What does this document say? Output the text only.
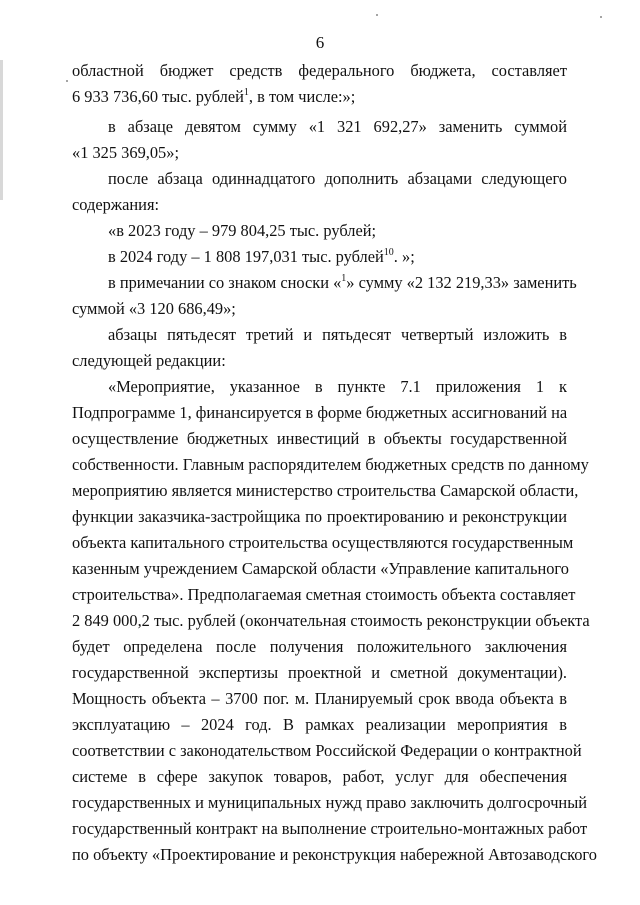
6
областной бюджет средств федерального бюджета, составляет
6 933 736,60 тыс. рублей$^1$, в том числе:»;
в абзаце девятом сумму «1 321 692,27» заменить суммой
«1 325 369,05»;
после абзаца одиннадцатого дополнить абзацами следующего
содержания:
«в 2023 году – 979 804,25 тыс. рублей;
в 2024 году – 1 808 197,031 тыс. рублей$^{10}$. »;
в примечании со знаком сноски «$^1$» сумму «2 132 219,33» заменить
суммой «3 120 686,49»;
абзацы пятьдесят третий и пятьдесят четвертый изложить в
следующей редакции:
«Мероприятие, указанное в пункте 7.1 приложения 1 к
Подпрограмме 1, финансируется в форме бюджетных ассигнований на
осуществление бюджетных инвестиций в объекты государственной
собственности. Главным распорядителем бюджетных средств по данному
мероприятию является министерство строительства Самарской области,
функции заказчика-застройщика по проектированию и реконструкции
объекта капитального строительства осуществляются государственным
казенным учреждением Самарской области «Управление капитального
строительства». Предполагаемая сметная стоимость объекта составляет
2 849 000,2 тыс. рублей (окончательная стоимость реконструкции объекта
будет определена после получения положительного заключения
государственной экспертизы проектной и сметной документации).
Мощность объекта – 3700 пог. м. Планируемый срок ввода объекта в
эксплуатацию – 2024 год. В рамках реализации мероприятия в
соответствии с законодательством Российской Федерации о контрактной
системе в сфере закупок товаров, работ, услуг для обеспечения
государственных и муниципальных нужд право заключить долгосрочный
государственный контракт на выполнение строительно-монтажных работ
по объекту «Проектирование и реконструкция набережной Автозаводского
